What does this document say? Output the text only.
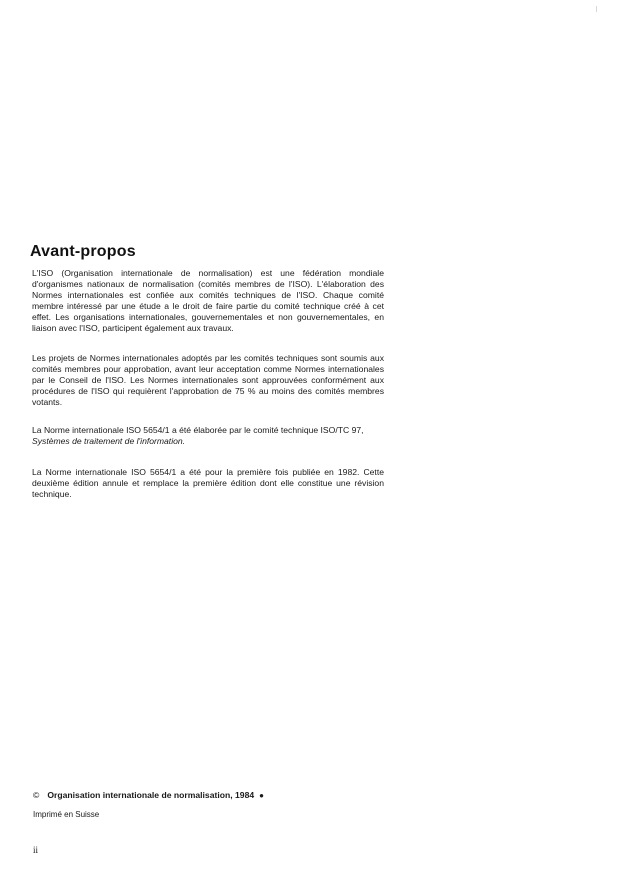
Avant-propos

L'ISO (Organisation internationale de normalisation) est une fédération mondiale d'organismes nationaux de normalisation (comités membres de l'ISO). L'élaboration des Normes internationales est confiée aux comités techniques de l'ISO. Chaque comité membre intéressé par une étude a le droit de faire partie du comité technique créé à cet effet. Les organisations internationales, gouvernementales et non gouvernementales, en liaison avec l'ISO, participent également aux travaux.

Les projets de Normes internationales adoptés par les comités techniques sont soumis aux comités membres pour approbation, avant leur acceptation comme Normes internationales par le Conseil de l'ISO. Les Normes internationales sont approuvées conformément aux procédures de l'ISO qui requièrent l'approbation de 75 % au moins des comités membres votants.

La Norme internationale ISO 5654/1 a été élaborée par le comité technique ISO/TC 97,
Systèmes de traitement de l'information.

La Norme internationale ISO 5654/1 a été pour la première fois publiée en 1982. Cette deuxième édition annule et remplace la première édition dont elle constitue une révision technique.

© Organisation internationale de normalisation, 1984 ●
Imprimé en Suisse
ii
